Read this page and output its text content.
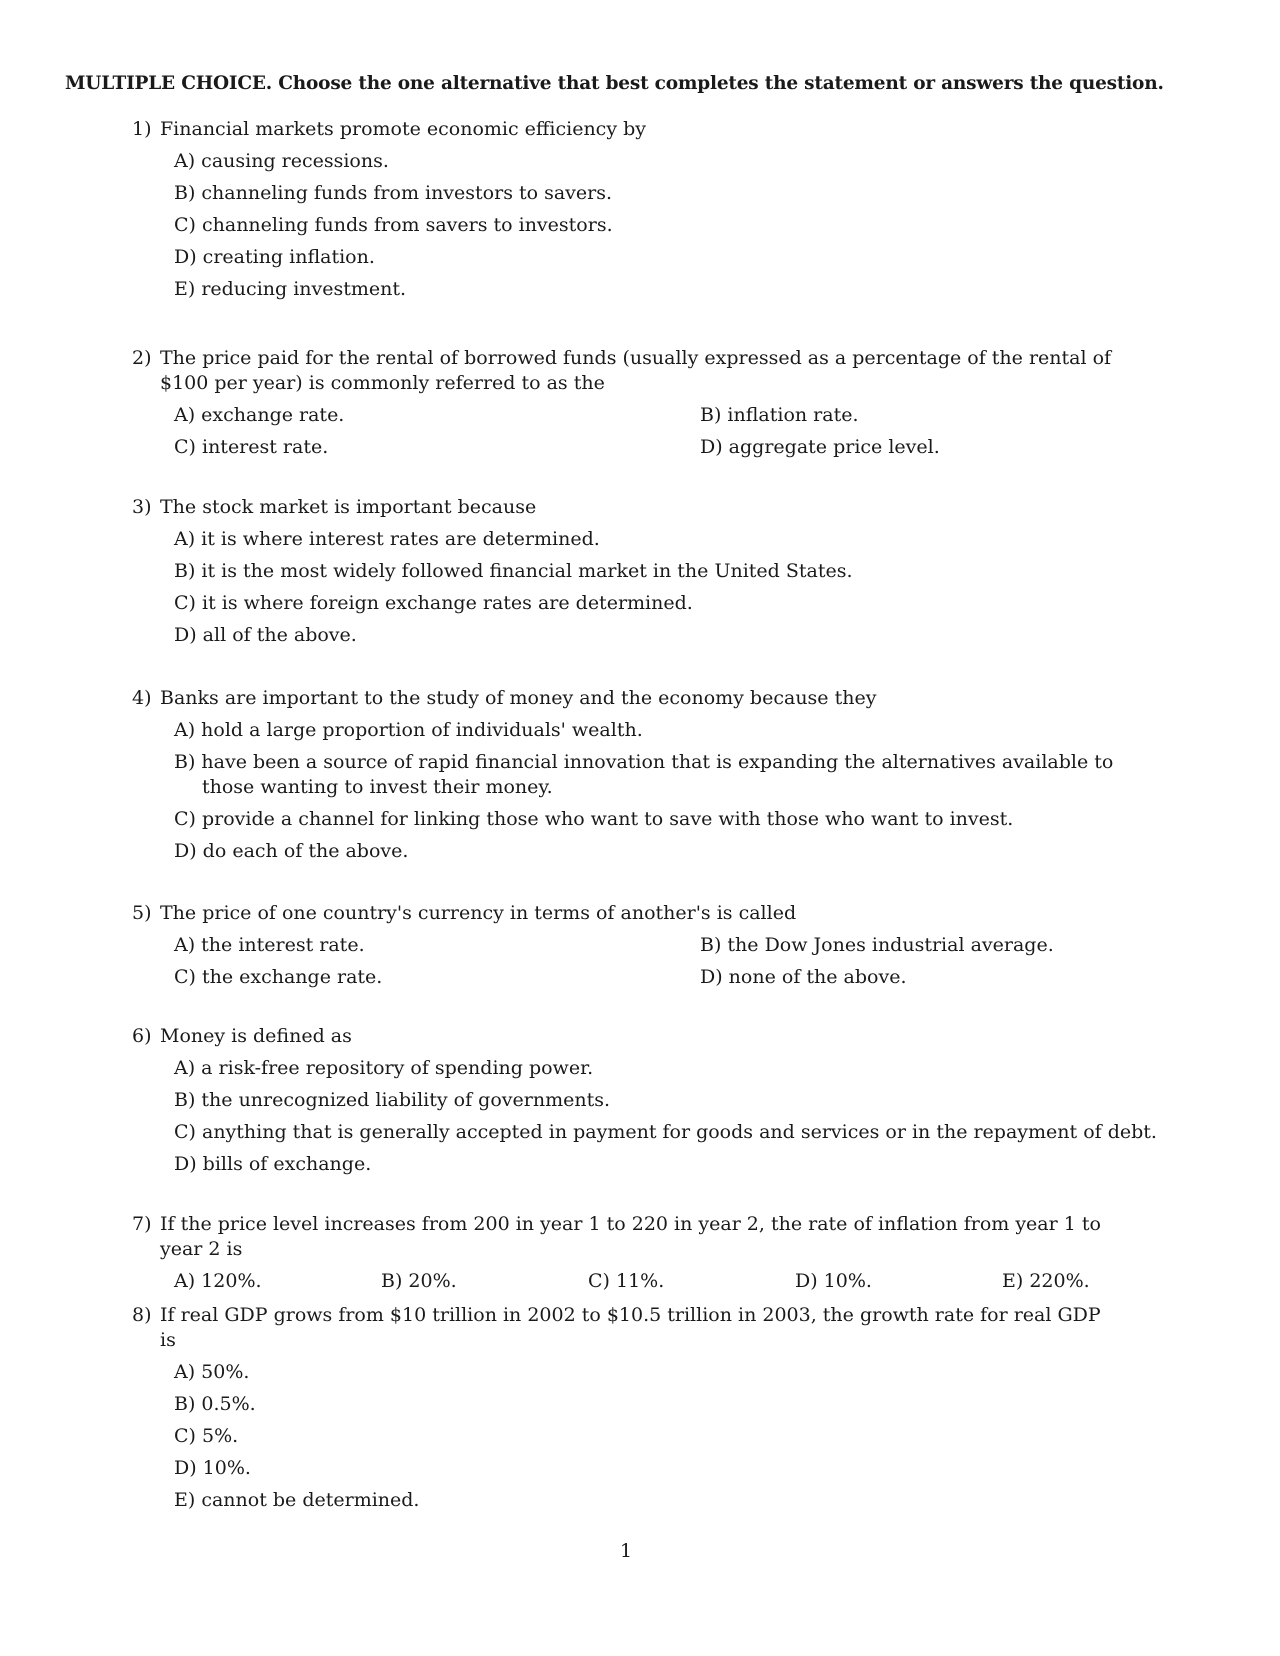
MULTIPLE CHOICE. Choose the one alternative that best completes the statement or answers the question.
1) Financial markets promote economic efficiency by
A) causing recessions.
B) channeling funds from investors to savers.
C) channeling funds from savers to investors.
D) creating inflation.
E) reducing investment.
2) The price paid for the rental of borrowed funds (usually expressed as a percentage of the rental of $100 per year) is commonly referred to as the
A) exchange rate.	B) inflation rate.
C) interest rate.	D) aggregate price level.
3) The stock market is important because
A) it is where interest rates are determined.
B) it is the most widely followed financial market in the United States.
C) it is where foreign exchange rates are determined.
D) all of the above.
4) Banks are important to the study of money and the economy because they
A) hold a large proportion of individuals' wealth.
B) have been a source of rapid financial innovation that is expanding the alternatives available to those wanting to invest their money.
C) provide a channel for linking those who want to save with those who want to invest.
D) do each of the above.
5) The price of one country's currency in terms of another's is called
A) the interest rate.	B) the Dow Jones industrial average.
C) the exchange rate.	D) none of the above.
6) Money is defined as
A) a risk-free repository of spending power.
B) the unrecognized liability of governments.
C) anything that is generally accepted in payment for goods and services or in the repayment of debt.
D) bills of exchange.
7) If the price level increases from 200 in year 1 to 220 in year 2, the rate of inflation from year 1 to year 2 is
A) 120%.	B) 20%.	C) 11%.	D) 10%.	E) 220%.
8) If real GDP grows from $10 trillion in 2002 to $10.5 trillion in 2003, the growth rate for real GDP is
A) 50%.
B) 0.5%.
C) 5%.
D) 10%.
E) cannot be determined.
1
